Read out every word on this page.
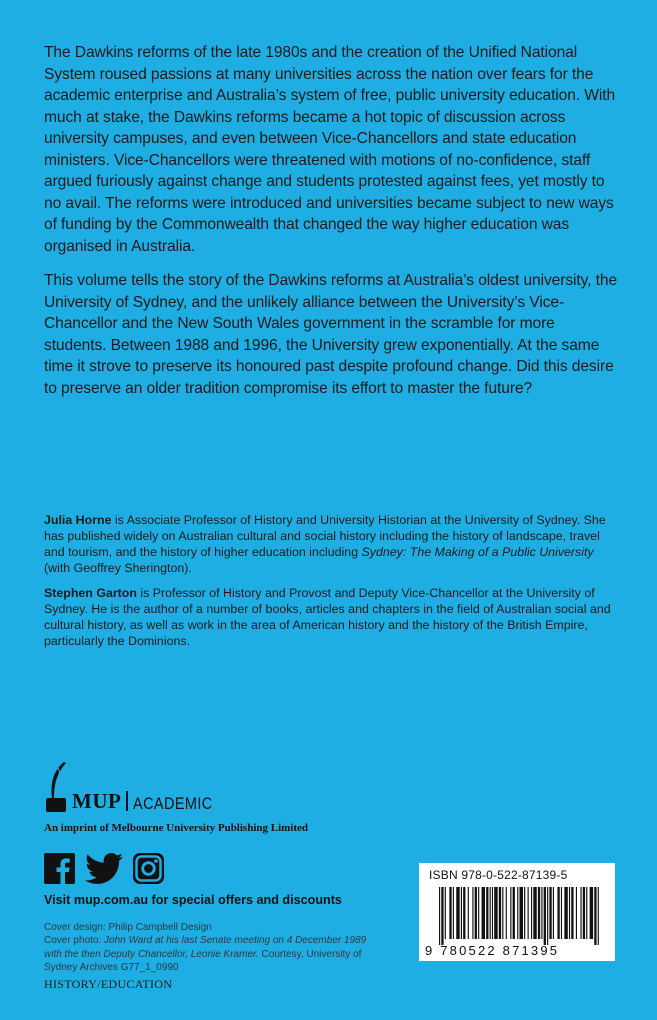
The Dawkins reforms of the late 1980s and the creation of the Unified National System roused passions at many universities across the nation over fears for the academic enterprise and Australia’s system of free, public university education. With much at stake, the Dawkins reforms became a hot topic of discussion across university campuses, and even between Vice-Chancellors and state education ministers. Vice-Chancellors were threatened with motions of no-confidence, staff argued furiously against change and students protested against fees, yet mostly to no avail. The reforms were introduced and universities became subject to new ways of funding by the Commonwealth that changed the way higher education was organised in Australia.

This volume tells the story of the Dawkins reforms at Australia’s oldest university, the University of Sydney, and the unlikely alliance between the University’s Vice-Chancellor and the New South Wales government in the scramble for more students. Between 1988 and 1996, the University grew exponentially. At the same time it strove to preserve its honoured past despite profound change. Did this desire to preserve an older tradition compromise its effort to master the future?

Julia Horne is Associate Professor of History and University Historian at the University of Sydney. She has published widely on Australian cultural and social history including the history of landscape, travel and tourism, and the history of higher education including Sydney: The Making of a Public University (with Geoffrey Sherington).

Stephen Garton is Professor of History and Provost and Deputy Vice-Chancellor at the University of Sydney. He is the author of a number of books, articles and chapters in the field of Australian social and cultural history, as well as work in the area of American history and the history of the British Empire, particularly the Dominions.

MUP ACADEMIC
An imprint of Melbourne University Publishing Limited
Visit mup.com.au for special offers and discounts
Cover design: Philip Campbell Design
Cover photo: John Ward at his last Senate meeting on 4 December 1989 with the then Deputy Chancellor, Leonie Kramer. Courtesy, University of Sydney Archives G77_1_0990
HISTORY/EDUCATION
ISBN 978-0-522-87139-5
9 780522 871395
